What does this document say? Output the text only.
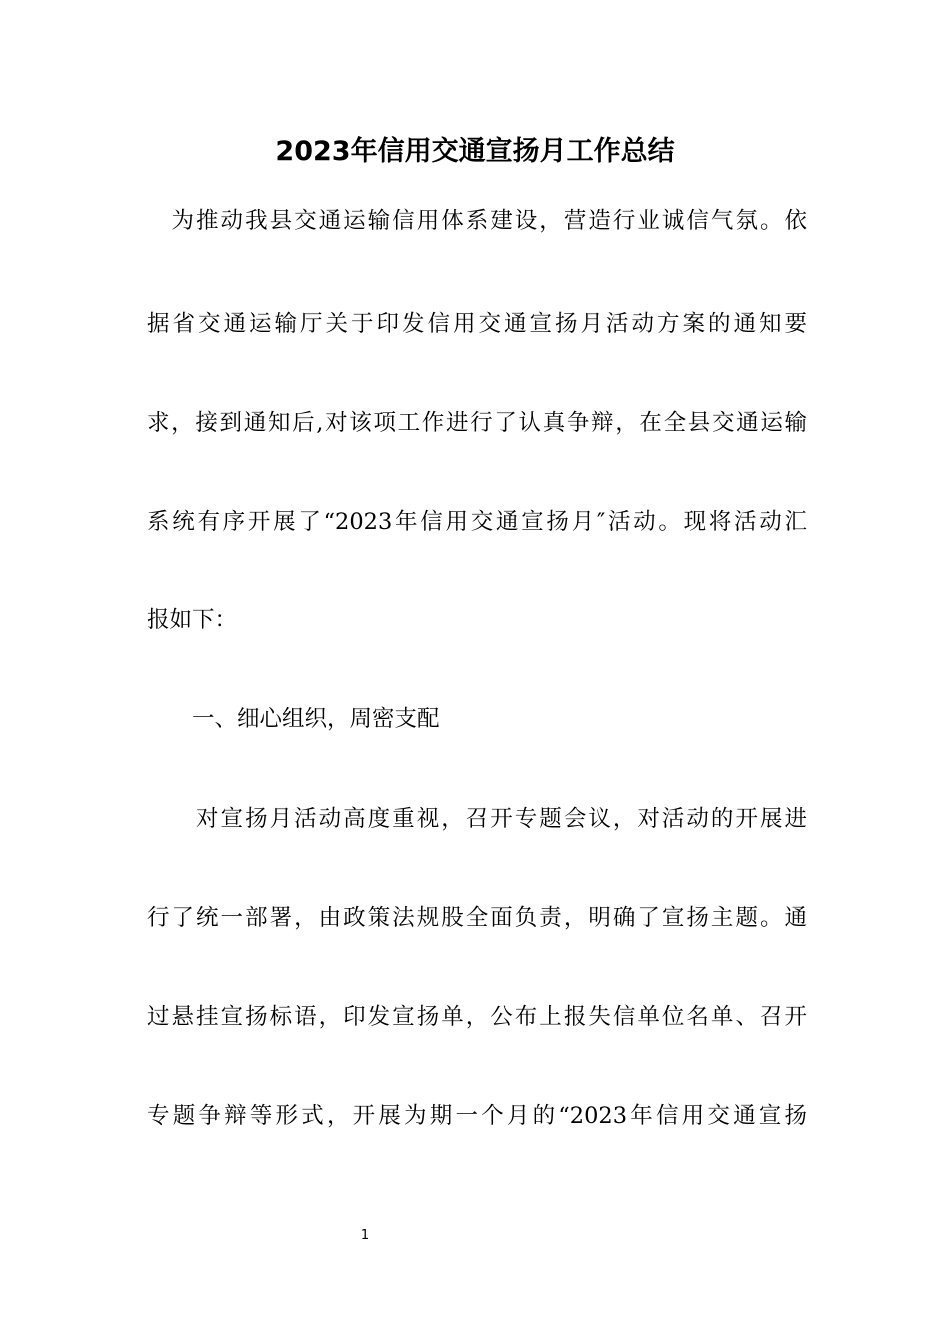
2023年信用交通宣扬月工作总结
　为推动我县交通运输信用体系建设，营造行业诚信气氛。依
据省交通运输厅关于印发信用交通宣扬月活动方案的通知要
求，接到通知后,对该项工作进行了认真争辩，在全县交通运输
系统有序开展了“2023年信用交通宣扬月″活动。现将活动汇
报如下：
　　一、细心组织，周密支配
　　对宣扬月活动高度重视，召开专题会议，对活动的开展进
行了统一部署，由政策法规股全面负责，明确了宣扬主题。通
过悬挂宣扬标语，印发宣扬单，公布上报失信单位名单、召开
专题争辩等形式，开展为期一个月的“2023年信用交通宣扬
1
